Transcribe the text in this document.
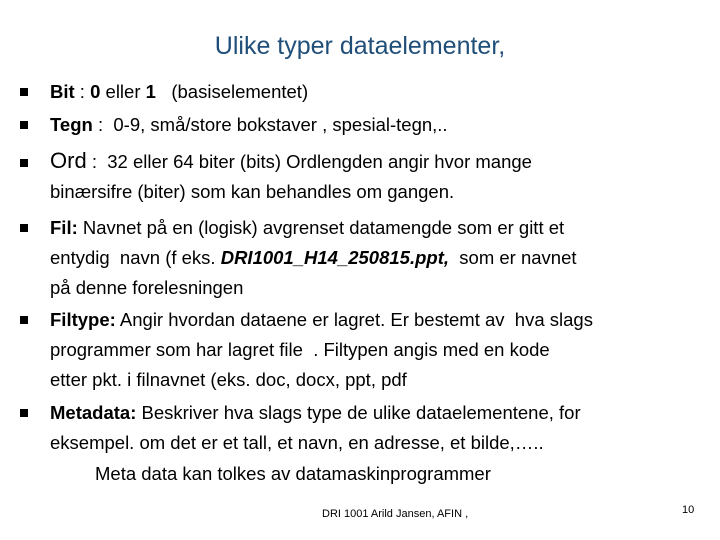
Ulike typer dataelementer,
Bit : 0 eller 1   (basiselementet)
Tegn :  0-9, små/store bokstaver , spesial-tegn,..
Ord :  32 eller 64 biter (bits) Ordlengden angir hvor mange
binærsifre (biter) som kan behandles om gangen.
Fil: Navnet på en (logisk) avgrenset datamengde som er gitt et
entydig  navn (f eks. DRI1001_H14_250815.ppt,  som er navnet
på denne forelesningen
Filtype: Angir hvordan dataene er lagret. Er bestemt av  hva slags
programmer som har lagret file  . Filtypen angis med en kode
etter pkt. i filnavnet (eks. doc, docx, ppt, pdf
Metadata: Beskriver hva slags type de ulike dataelementene, for
eksempel. om det er et tall, et navn, en adresse, et bilde,…..
Meta data kan tolkes av datamaskinprogrammer
DRI 1001 Arild Jansen, AFIN ,	10
